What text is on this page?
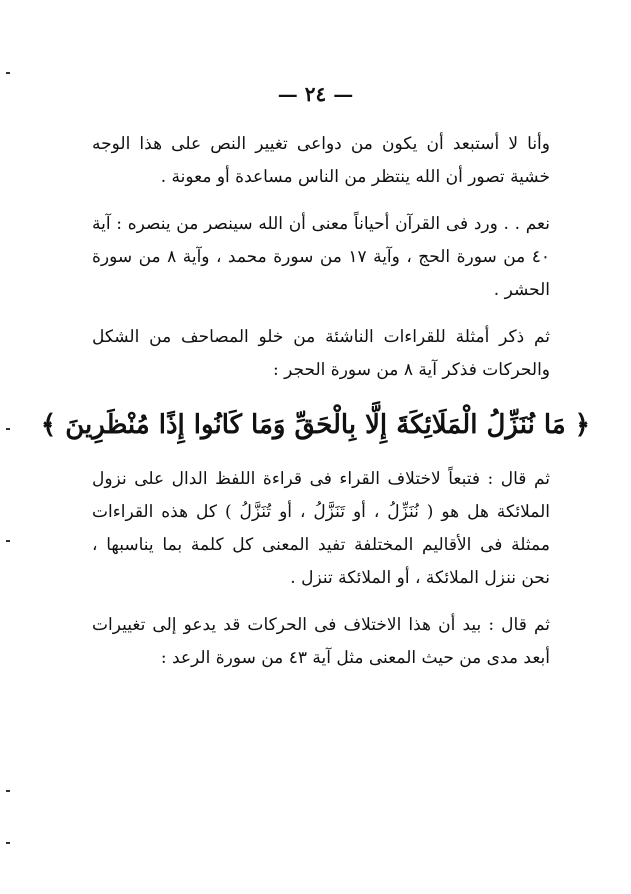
— ٢٤ —

وأنا لا أستبعد أن يكون من دواعى تغيير النص على هذا الوجه خشية تصور أن الله ينتظر من الناس مساعدة أو معونة .

نعم . . ورد فى القرآن أحياناً معنى أن الله سينصر من ينصره : آية ٤٠ من سورة الحج ، وآية ١٧ من سورة محمد ، وآية ٨ من سورة الحشر .

ثم ذكر أمثلة للقراءات الناشئة من خلو المصاحف من الشكل والحركات فذكر آية ٨ من سورة الحجر :

﴿ مَا نُنَزِّلُ الْمَلَائِكَةَ إِلَّا بِالْحَقِّ وَمَا كَانُوا إِذًا مُنْظَرِينَ ﴾

ثم قال : فتبعاً لاختلاف القراء فى قراءة اللفظ الدال على نزول الملائكة هل هو ( نُنَزِّلُ ، أو تَنَزَّلُ ، أو تُنَزَّلُ ) كل هذه القراءات ممثلة فى الأقاليم المختلفة تفيد المعنى كل كلمة بما يناسبها ، نحن ننزل الملائكة ، أو الملائكة تنزل .

ثم قال : بيد أن هذا الاختلاف فى الحركات قد يدعو إلى تغييرات أبعد مدى من حيث المعنى مثل آية ٤٣ من سورة الرعد :
